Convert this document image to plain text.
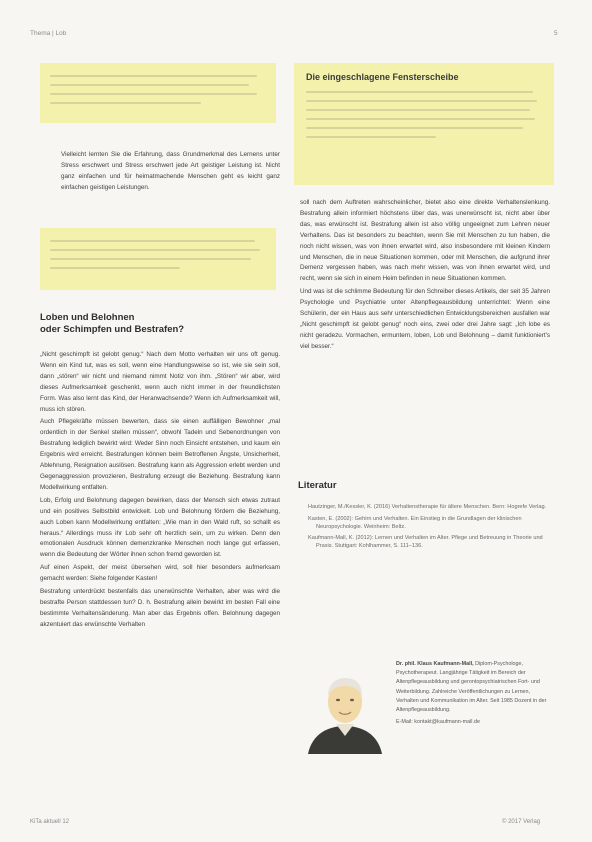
Thema | Lob	5

Vielleicht lernten Sie die Erfahrung, dass Grundmerkmal des Lernens unter Stress erschwert und Stress erschwert jede Art geistiger Leistung ist. Nicht ganz einfachen und für heimatmachende Menschen geht es leicht ganz einfachen geistigen Leistungen.

Loben und Belohnen
oder Schimpfen und Bestrafen?

„Nicht geschimpft ist gelobt genug.“ Nach dem Motto verhalten wir uns oft genug. Wenn ein Kind tut, was es soll, wenn eine Handlungsweise so ist, wie sie sein soll, dann „stören“ wir nicht und niemand nimmt Notiz von ihm. „Stören“ wir aber, wird dieses Aufmerksamkeit geschenkt, wenn auch nicht immer in der freundlichsten Form. Was also lernt das Kind, der Heranwachsende? Wenn ich Aufmerksamkeit will, muss ich stören.

Auch Pflegekräfte müssen bewerten, dass sie einen auffälligen Bewohner „mal ordentlich in der Senkel stellen müssen“, obwohl Tadeln und Sebenordnungen von Bestrafung lediglich bewirkt wird: Weder Sinn noch Einsicht entstehen, und kaum ein Ergebnis wird erreicht. Bestrafungen können beim Betroffenen Ängste, Unsicherheit, Ablehnung, Resignation auslösen. Bestrafung kann als Aggression erlebt werden und Gegenaggression provozieren, Bestrafung erzeugt die Beziehung. Bestrafung kann Modellwirkung entfalten.

Lob, Erfolg und Belohnung dagegen bewirken, dass der Mensch sich etwas zutraut und ein positives Selbstbild entwickelt. Lob und Belohnung fördern die Beziehung, auch Loben kann Modellwirkung entfalten: „Wie man in den Wald ruft, so schallt es heraus.“ Allerdings muss ihr Lob sehr oft herzlich sein, um zu wirken. Denn den emotionalen Ausdruck können demenzkranke Menschen noch lange gut erfassen, wenn die Bedeutung der Wörter ihnen schon fremd geworden ist.

Auf einen Aspekt, der meist übersehen wird, soll hier besonders aufmerksam gemacht werden: Siehe folgender Kasten!

Bestrafung unterdrückt bestenfalls das unerwünschte Verhalten, aber was wird die bestrafte Person stattdessen tun? D. h. Bestrafung allein bewirkt im besten Fall eine bestimmte Verhaltensänderung. Man aber das Ergebnis offen. Belohnung dagegen akzentuiert das erwünschte Verhalten

Die eingeschlagene Fensterscheibe

soll nach dem Auftreten wahrscheinlicher, bietet also eine direkte Verhaltenslenkung. Bestrafung allein informiert höchstens über das, was unerwünscht ist, nicht aber über das, was erwünscht ist. Bestrafung allein ist also völlig ungeeignet zum Lehren neuer Verhaltens. Das ist besonders zu beachten, wenn Sie mit Menschen zu tun haben, die noch nicht wissen, was von ihnen erwartet wird, also insbesondere mit kleinen Kindern und Menschen, die in neue Situationen kommen, oder mit Menschen, die aufgrund ihrer Demenz vergessen haben, was nach mehr wissen, was von ihnen erwartet wird, und recht, wenn sie sich in einem Heim befinden in neue Situationen kommen.

Und was ist die schlimme Bedeutung für den Schreiber dieses Artikels, der seit 35 Jahren Psychologie und Psychiatrie unter Altenpflegeausbildung unterrichtet: Wenn eine Schülerin, der ein Haus aus sehr unterschiedlichen Entwicklungsbereichen ausfallen war „Nicht geschimpft ist gelobt genug“ noch eins, zwei oder drei Jahre sagt: „Ich lobe es nicht geradezu. Vormachen, ermuntern, loben, Lob und Belohnung – damit funktioniert's viel besser.“

Literatur

Hautzinger, M./Kessler, K. (2016) Verhaltenstherapie für ältere Menschen. Bern: Hogrefe Verlag.

Kasten, E. (2002): Gehirn und Verhalten. Ein Einstieg in die Grundlagen der klinischen Neuropsychologie. Weinheim: Beltz.

Kaufmann-Mall, K. (2012): Lernen und Verhalten im Alter. Pflege und Betreuung in Theorie und Praxis. Stuttgart: Kohlhammer, S. 111–136.

Dr. phil. Klaus Kaufmann-Mall, Diplom-Psychologe, Psychotherapeut. Langjährige Tätigkeit im Bereich der Altenpflegeausbildung und gerontopsychiatrischen Fort- und Weiterbildung. Zahlreiche Veröffentlichungen zu Lernen, Verhalten und Kommunikation im Alter. Seit 1985 Dozent in der Altenpflegeausbildung.
E-Mail: kontakt@kaufmann-mall.de
KiTa aktuell 12	© 2017 Verlag
